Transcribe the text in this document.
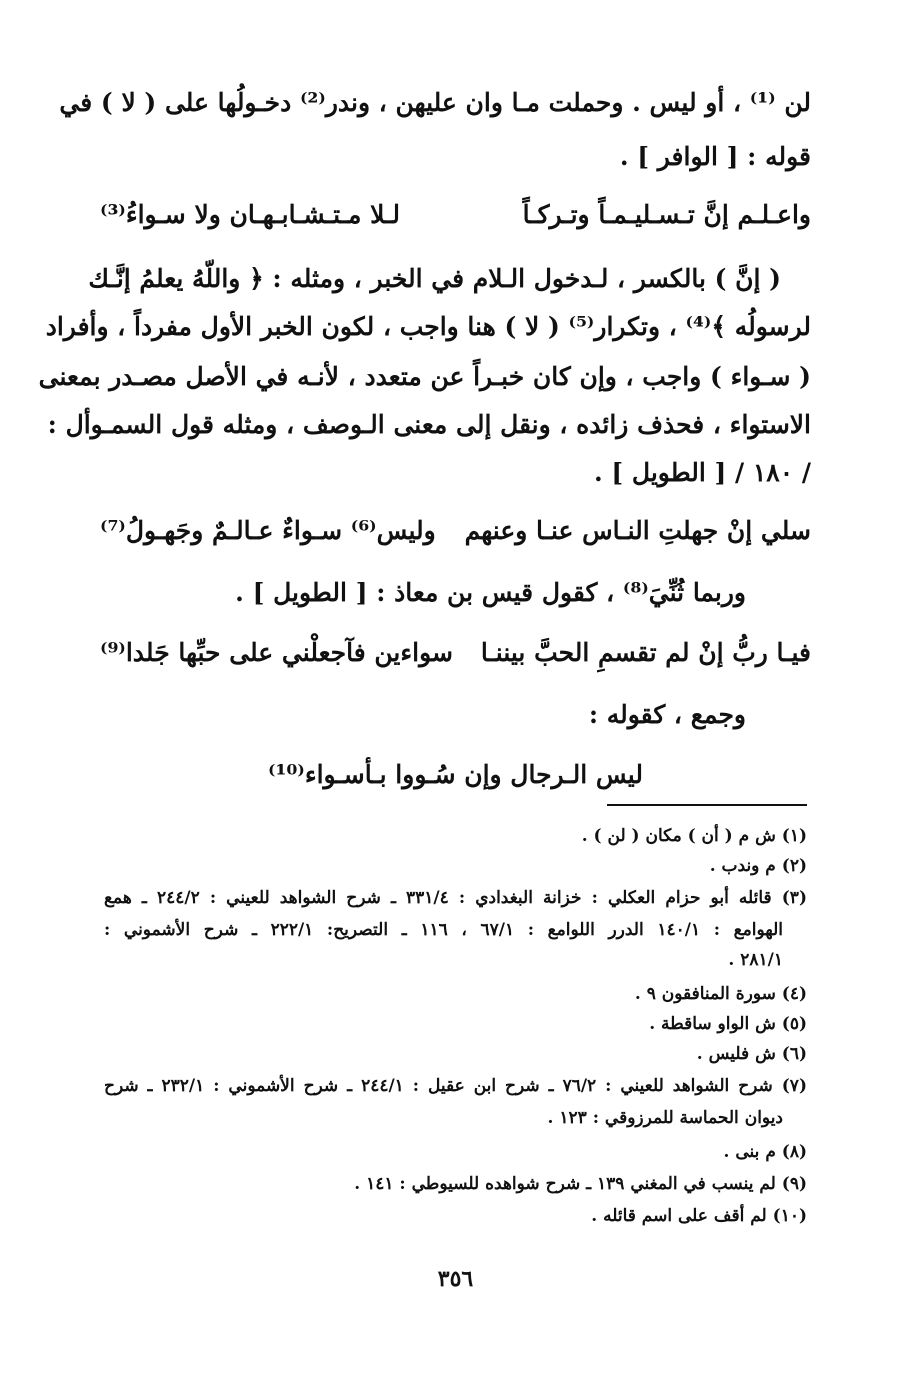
لن ⁽¹⁾ ، أو ليس . وحملت مـا وان عليهن ، وندر⁽²⁾ دخـولُها على ( لا ) في
قوله : [ الوافر ] .
واعـلـم إنَّ تـسـليـمـاً وتـركـاً
لـلا مـتـشـابـهـان ولا سـواءُ⁽³⁾
( إنَّ ) بالكسر ، لـدخول الـلام في الخبر ، ومثله : ﴿ واللّهُ يعلمُ إنَّـك
لرسولُه ﴾⁽⁴⁾ ، وتكرار⁽⁵⁾ ( لا ) هنا واجب ، لكون الخبر الأول مفرداً ، وأفراد
( سـواء ) واجب ، وإن كان خبـراً عن متعدد ، لأنـه في الأصل مصـدر بمعنى
الاستواء ، فحذف زائده ، ونقل إلى معنى الـوصف ، ومثله قول السمـوأل :
/ ١٨٠ / [ الطويل ] .
سلي إنْ جهلتِ النـاس عنـا وعنهم
وليس⁽⁶⁾ سـواءٌ عـالـمٌ وجَهـولُ⁽⁷⁾
وربما ثُنِّيَ⁽⁸⁾ ، كقول قيس بن معاذ : [ الطويل ] .
فيـا ربُّ إنْ لم تقسمِ الحبَّ بيننـا
سواءين فآجعلْني على حبِّها جَلدا⁽⁹⁾
وجمع ، كقوله :
ليس الـرجال وإن سُـووا بـأسـواء⁽¹⁰⁾
(١) ش م ( أن ) مكان ( لن ) .
(٢) م وندب .
(٣) قائله أبو حزام العكلي : خزانة البغدادي : ٣٣١/٤ ـ شرح الشواهد للعيني : ٢٤٤/٢ ـ همع
الهوامع : ١٤٠/١ الدرر اللوامع : ٦٧/١ ، ١١٦ ـ التصريح: ٢٢٢/١ ـ شرح الأشموني :
٢٨١/١ .
(٤) سورة المنافقون ٩ .
(٥) ش الواو ساقطة .
(٦) ش فليس .
(٧) شرح الشواهد للعيني : ٧٦/٢ ـ شرح ابن عقيل : ٢٤٤/١ ـ شرح الأشموني : ٢٣٢/١ ـ شرح
ديوان الحماسة للمرزوقي : ١٢٣ .
(٨) م بنى .
(٩) لم ينسب في المغني ١٣٩ ـ شرح شواهده للسيوطي : ١٤١ .
(١٠) لم أقف على اسم قائله .
٣٥٦
